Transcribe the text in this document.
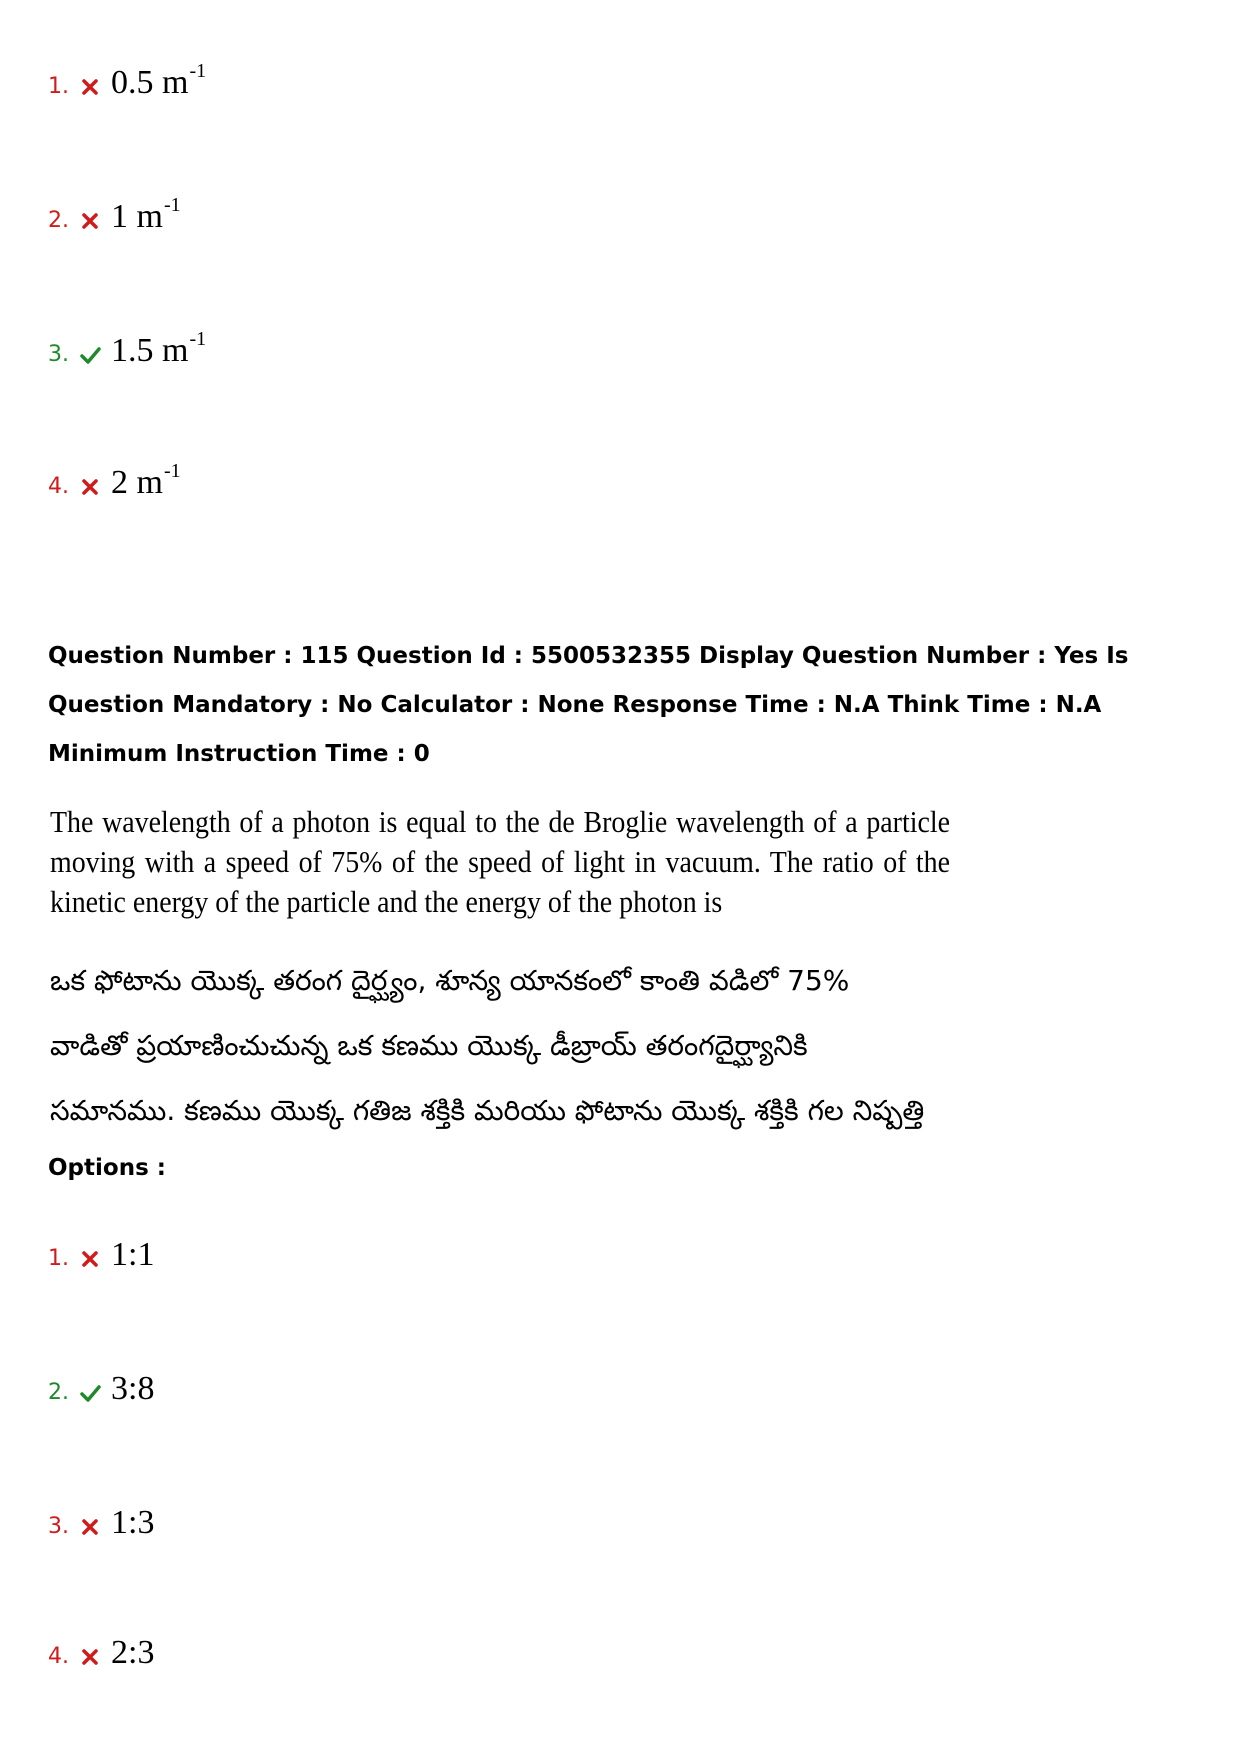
1. 0.5 $m^{-1}$
2. 1 $m^{-1}$
3. 1.5 $m^{-1}$
4. 2 $m^{-1}$
Question Number : 115 Question Id : 5500532355 Display Question Number : Yes Is Question Mandatory : No Calculator : None Response Time : N.A Think Time : N.A Minimum Instruction Time : 0
The wavelength of a photon is equal to the de Broglie wavelength of a particle moving with a speed of 75% of the speed of light in vacuum. The ratio of the kinetic energy of the particle and the energy of the photon is
ఒక ఫోటాను యొక్క తరంగ దైర్ఘ్యం, శూన్య యానకంలో కాంతి వడిలో 75% వాడితో ప్రయాణించుచున్న ఒక కణము యొక్క డీబ్రాయ్ తరంగదైర్ఘ్యానికి సమానము. కణము యొక్క గతిజ శక్తికి మరియు ఫోటాను యొక్క శక్తికి గల నిష్పత్తి
Options :
1. 1:1
2. 3:8
3. 1:3
4. 2:3
